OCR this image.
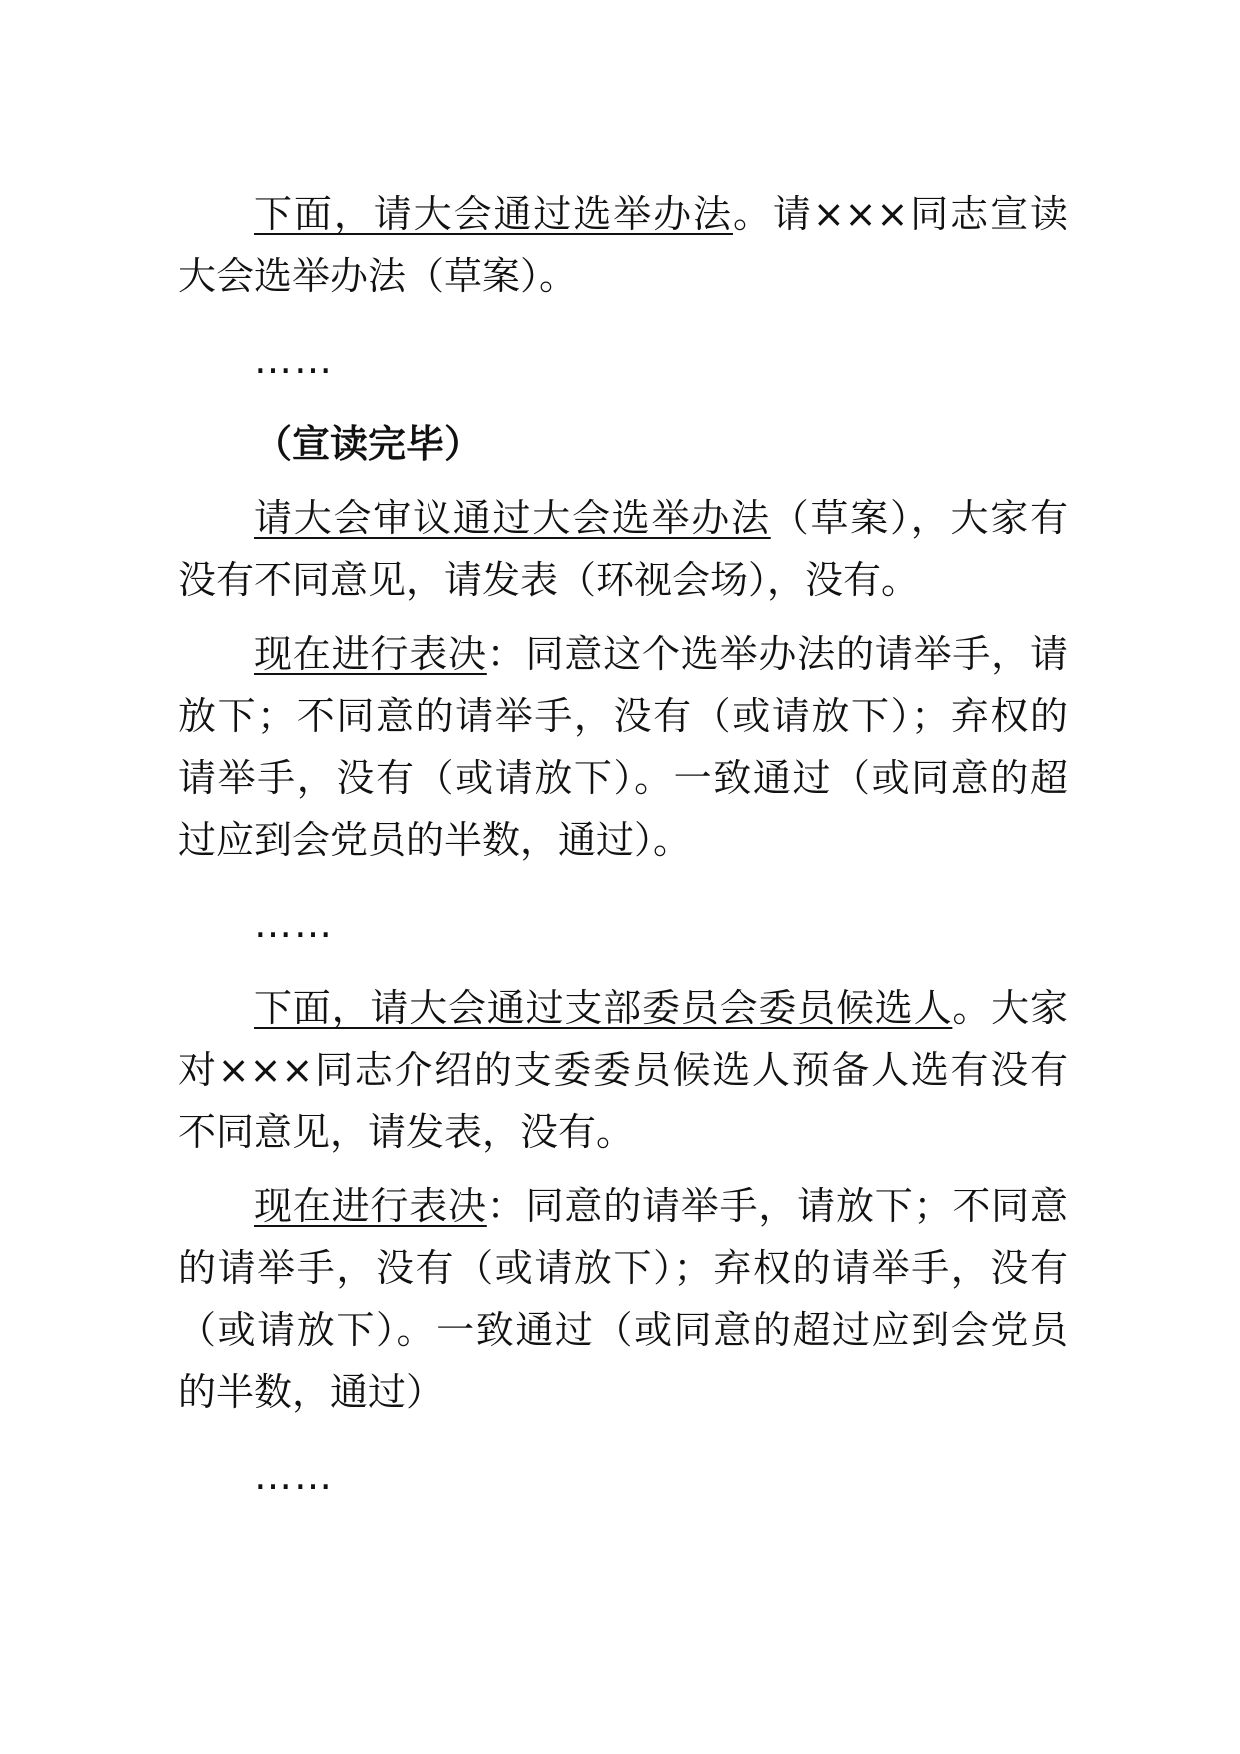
下面，请大会通过选举办法。请×××同志宣读大会选举办法（草案）。

……

（宣读完毕）

请大会审议通过大会选举办法（草案），大家有没有不同意见，请发表（环视会场），没有。

现在进行表决：同意这个选举办法的请举手，请放下；不同意的请举手，没有（或请放下）；弃权的请举手，没有（或请放下）。一致通过（或同意的超过应到会党员的半数，通过）。

……

下面，请大会通过支部委员会委员候选人。大家对×××同志介绍的支委委员候选人预备人选有没有不同意见，请发表，没有。

现在进行表决：同意的请举手，请放下；不同意的请举手，没有（或请放下）；弃权的请举手，没有（或请放下）。一致通过（或同意的超过应到会党员的半数，通过）

……
